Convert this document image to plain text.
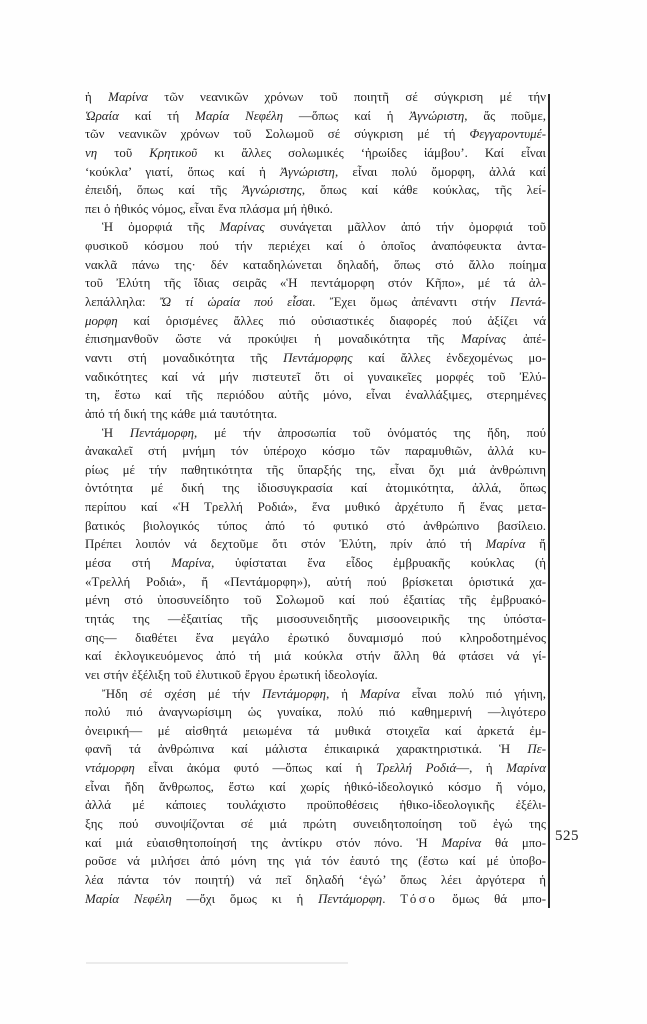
ἡ Μαρίνα τῶν νεανικῶν χρόνων τοῦ ποιητῆ σέ σύγκριση μέ τήν
Ὡραία καί τή Μαρία Νεφέλη —ὅπως καί ἡ Ἀγνώριστη, ἄς ποῦμε,
τῶν νεανικῶν χρόνων τοῦ Σολωμοῦ σέ σύγκριση μέ τή Φεγγαροντυμέ-
νη τοῦ Κρητικοῦ κι ἄλλες σολωμικές ‘ἡρωίδες ἰάμβου’. Καί εἶναι
‘κούκλα’ γιατί, ὅπως καί ἡ Ἀγνώριστη, εἶναι πολύ ὄμορφη, ἀλλά καί
ἐπειδή, ὅπως καί τῆς Ἀγνώριστης, ὅπως καί κάθε κούκλας, τῆς λεί-
πει ὁ ἠθικός νόμος, εἶναι ἕνα πλάσμα μή ἠθικό.
Ἡ ὀμορφιά τῆς Μαρίνας συνάγεται μᾶλλον ἀπό τήν ὀμορφιά τοῦ
φυσικοῦ κόσμου πού τήν περιέχει καί ὁ ὁποῖος ἀναπόφευκτα ἀντα-
νακλᾶ πάνω της· δέν καταδηλώνεται δηλαδή, ὅπως στό ἄλλο ποίημα
τοῦ Ἐλύτη τῆς ἴδιας σειρᾶς «Ἡ πεντάμορφη στόν Κῆπο», μέ τά ἀλ-
λεπάλληλα: Ὤ τί ὡραία πού εἶσαι. Ἔχει ὅμως ἀπέναντι στήν Πεντά-
μορφη καί ὁρισμένες ἄλλες πιό οὐσιαστικές διαφορές πού ἀξίζει νά
ἐπισημανθοῦν ὥστε νά προκύψει ἡ μοναδικότητα τῆς Μαρίνας ἀπέ-
ναντι στή μοναδικότητα τῆς Πεντάμορφης καί ἄλλες ἐνδεχομένως μο-
ναδικότητες καί νά μήν πιστευτεῖ ὅτι οἱ γυναικεῖες μορφές τοῦ Ἐλύ-
τη, ἔστω καί τῆς περιόδου αὐτῆς μόνο, εἶναι ἐναλλάξιμες, στερημένες
ἀπό τή δική της κάθε μιά ταυτότητα.
Ἡ Πεντάμορφη, μέ τήν ἀπροσωπία τοῦ ὀνόματός της ἤδη, πού
ἀνακαλεῖ στή μνήμη τόν ὑπέροχο κόσμο τῶν παραμυθιῶν, ἀλλά κυ-
ρίως μέ τήν παθητικότητα τῆς ὕπαρξής της, εἶναι ὄχι μιά ἀνθρώπινη
ὀντότητα μέ δική της ἰδιοσυγκρασία καί ἀτομικότητα, ἀλλά, ὅπως
περίπου καί «Ἡ Τρελλή Ροδιά», ἕνα μυθικό ἀρχέτυπο ἤ ἕνας μετα-
βατικός βιολογικός τύπος ἀπό τό φυτικό στό ἀνθρώπινο βασίλειο.
Πρέπει λοιπόν νά δεχτοῦμε ὅτι στόν Ἐλύτη, πρίν ἀπό τή Μαρίνα ἤ
μέσα στή Μαρίνα, ὑφίσταται ἕνα εἶδος ἐμβρυακῆς κούκλας (ἡ
«Τρελλή Ροδιά», ἤ «Πεντάμορφη»), αὐτή πού βρίσκεται ὁριστικά χα-
μένη στό ὑποσυνείδητο τοῦ Σολωμοῦ καί πού ἐξαιτίας τῆς ἐμβρυακό-
τητάς της —ἐξαιτίας τῆς μισοσυνειδητῆς μισοονειρικῆς της ὑπόστα-
σης— διαθέτει ἕνα μεγάλο ἐρωτικό δυναμισμό πού κληροδοτημένος
καί ἐκλογικευόμενος ἀπό τή μιά κούκλα στήν ἄλλη θά φτάσει νά γί-
νει στήν ἐξέλιξη τοῦ ἐλυτικοῦ ἔργου ἐρωτική ἰδεολογία.
Ἤδη σέ σχέση μέ τήν Πεντάμορφη, ἡ Μαρίνα εἶναι πολύ πιό γήινη,
πολύ πιό ἀναγνωρίσιμη ὡς γυναίκα, πολύ πιό καθημερινή —λιγότερο
ὀνειρική— μέ αἰσθητά μειωμένα τά μυθικά στοιχεῖα καί ἀρκετά ἐμ-
φανῆ τά ἀνθρώπινα καί μάλιστα ἐπικαιρικά χαρακτηριστικά. Ἡ Πε-
ντάμορφη εἶναι ἀκόμα φυτό —ὅπως καί ἡ Τρελλή Ροδιά—, ἡ Μαρίνα
εἶναι ἤδη ἄνθρωπος, ἔστω καί χωρίς ἠθικό-ἰδεολογικό κόσμο ἤ νόμο,
ἀλλά μέ κάποιες τουλάχιστο προϋποθέσεις ἠθικο-ἰδεολογικῆς ἐξέλι-
ξης πού συνοψίζονται σέ μιά πρώτη συνειδητοποίηση τοῦ ἐγώ της
καί μιά εὐαισθητοποίησή της ἀντίκρυ στόν πόνο. Ἡ Μαρίνα θά μπο-
ροῦσε νά μιλήσει ἀπό μόνη της γιά τόν ἑαυτό της (ἔστω καί μέ ὑποβο-
λέα πάντα τόν ποιητή) νά πεῖ δηλαδή ‘ἐγώ’ ὅπως λέει ἀργότερα ἡ
Μαρία Νεφέλη —ὄχι ὅμως κι ἡ Πεντάμορφη. Τόσο ὅμως θά μπο-
525
